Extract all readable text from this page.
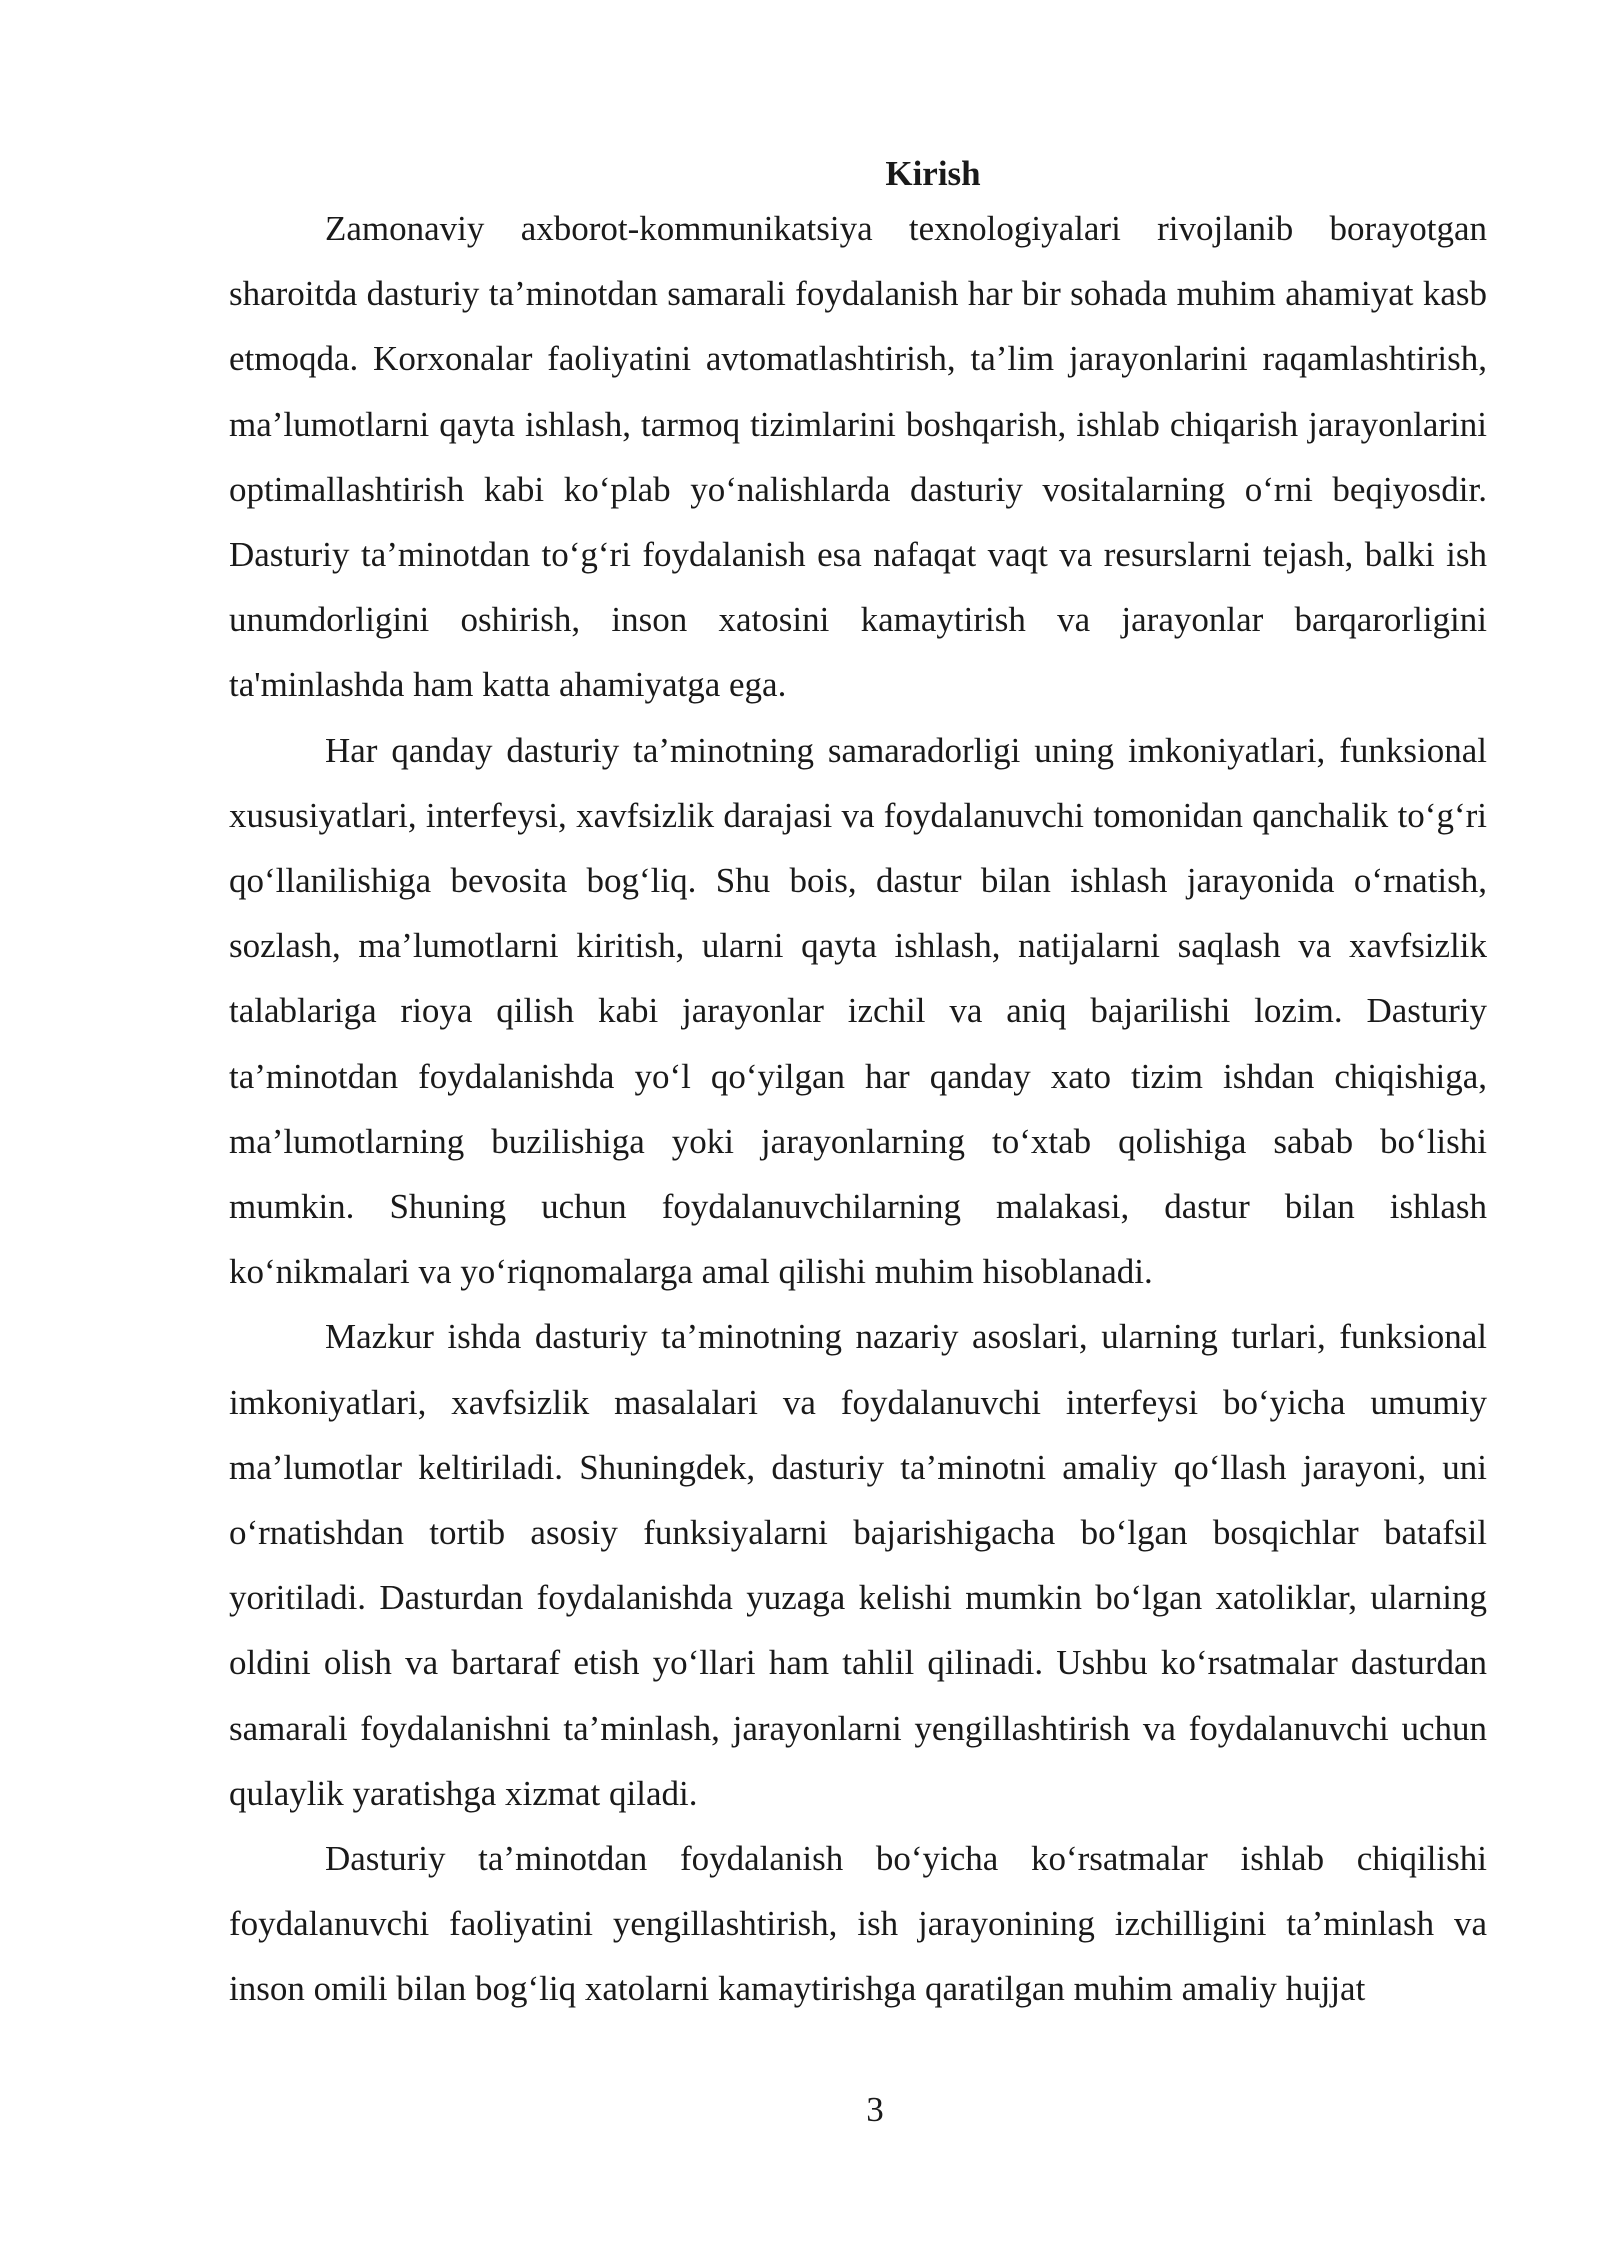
Kirish

Zamonaviy axborot-kommunikatsiya texnologiyalari rivojlanib borayotgan sharoitda dasturiy ta’minotdan samarali foydalanish har bir sohada muhim ahamiyat kasb etmoqda. Korxonalar faoliyatini avtomatlashtirish, ta’lim jarayonlarini raqamlashtirish, ma’lumotlarni qayta ishlash, tarmoq tizimlarini boshqarish, ishlab chiqarish jarayonlarini optimallashtirish kabi ko‘plab yo‘nalishlarda dasturiy vositalarning o‘rni beqiyosdir. Dasturiy ta’minotdan to‘g‘ri foydalanish esa nafaqat vaqt va resurslarni tejash, balki ish unumdorligini oshirish, inson xatosini kamaytirish va jarayonlar barqarorligini ta'minlashda ham katta ahamiyatga ega.

Har qanday dasturiy ta’minotning samaradorligi uning imkoniyatlari, funksional xususiyatlari, interfeysi, xavfsizlik darajasi va foydalanuvchi tomonidan qanchalik to‘g‘ri qo‘llanilishiga bevosita bog‘liq. Shu bois, dastur bilan ishlash jarayonida o‘rnatish, sozlash, ma’lumotlarni kiritish, ularni qayta ishlash, natijalarni saqlash va xavfsizlik talablariga rioya qilish kabi jarayonlar izchil va aniq bajarilishi lozim. Dasturiy ta’minotdan foydalanishda yo‘l qo‘yilgan har qanday xato tizim ishdan chiqishiga, ma’lumotlarning buzilishiga yoki jarayonlarning to‘xtab qolishiga sabab bo‘lishi mumkin. Shuning uchun foydalanuvchilarning malakasi, dastur bilan ishlash ko‘nikmalari va yo‘riqnomalarga amal qilishi muhim hisoblanadi.

Mazkur ishda dasturiy ta’minotning nazariy asoslari, ularning turlari, funksional imkoniyatlari, xavfsizlik masalalari va foydalanuvchi interfeysi bo‘yicha umumiy ma’lumotlar keltiriladi. Shuningdek, dasturiy ta’minotni amaliy qo‘llash jarayoni, uni o‘rnatishdan tortib asosiy funksiyalarni bajarishigacha bo‘lgan bosqichlar batafsil yoritiladi. Dasturdan foydalanishda yuzaga kelishi mumkin bo‘lgan xatoliklar, ularning oldini olish va bartaraf etish yo‘llari ham tahlil qilinadi. Ushbu ko‘rsatmalar dasturdan samarali foydalanishni ta’minlash, jarayonlarni yengillashtirish va foydalanuvchi uchun qulaylik yaratishga xizmat qiladi.

Dasturiy ta’minotdan foydalanish bo‘yicha ko‘rsatmalar ishlab chiqilishi foydalanuvchi faoliyatini yengillashtirish, ish jarayonining izchilligini ta’minlash va inson omili bilan bog‘liq xatolarni kamaytirishga qaratilgan muhim amaliy hujjat

3
